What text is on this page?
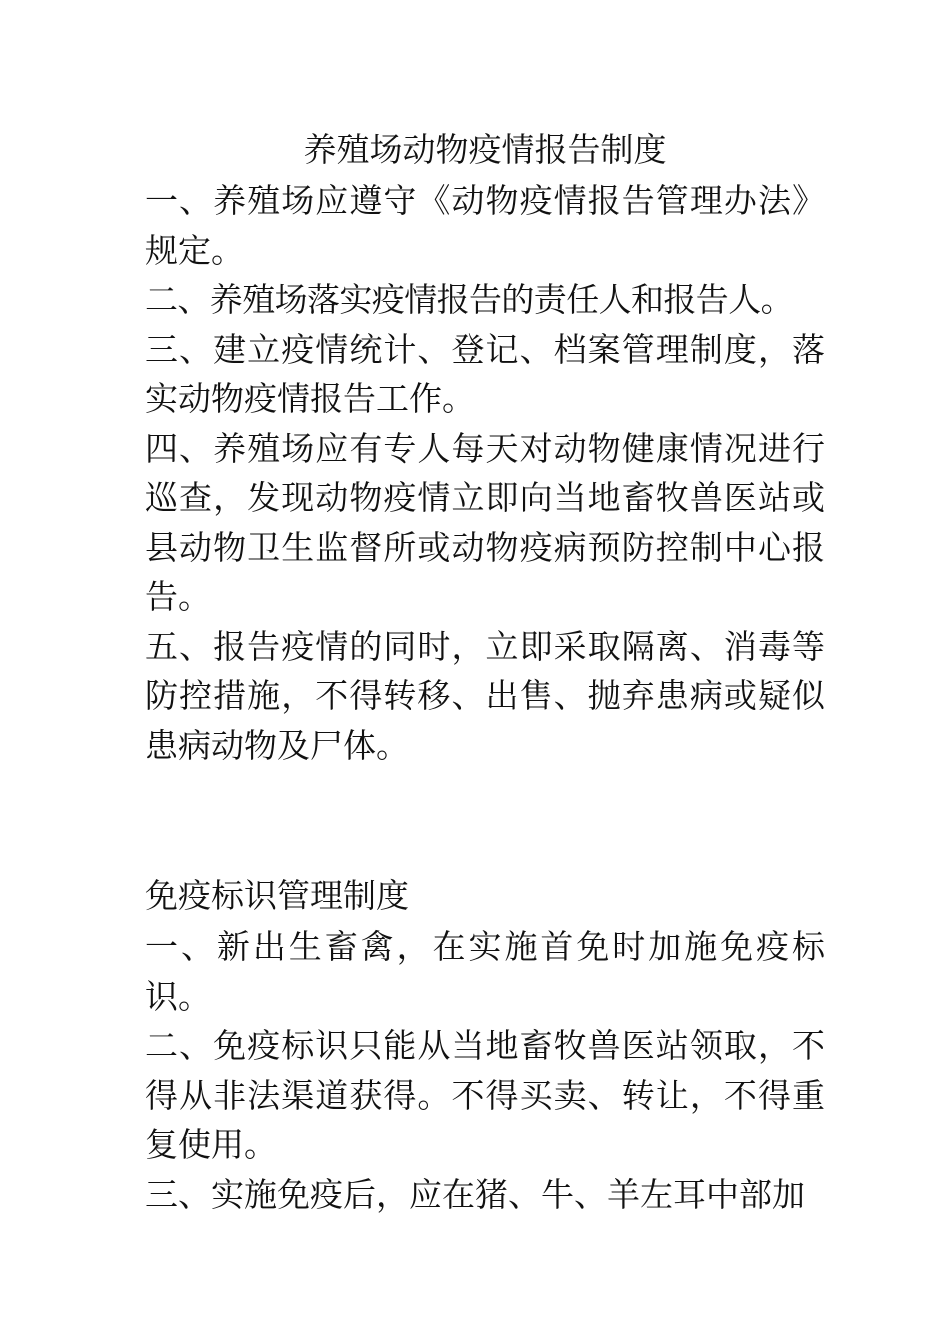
养殖场动物疫情报告制度

一、养殖场应遵守《动物疫情报告管理办法》规定。

二、养殖场落实疫情报告的责任人和报告人。

三、建立疫情统计、登记、档案管理制度，落实动物疫情报告工作。

四、养殖场应有专人每天对动物健康情况进行巡查，发现动物疫情立即向当地畜牧兽医站或县动物卫生监督所或动物疫病预防控制中心报告。

五、报告疫情的同时，立即采取隔离、消毒等防控措施，不得转移、出售、抛弃患病或疑似患病动物及尸体。

免疫标识管理制度

一、新出生畜禽，在实施首免时加施免疫标识。

二、免疫标识只能从当地畜牧兽医站领取，不得从非法渠道获得。不得买卖、转让，不得重复使用。

三、实施免疫后，应在猪、牛、羊左耳中部加
